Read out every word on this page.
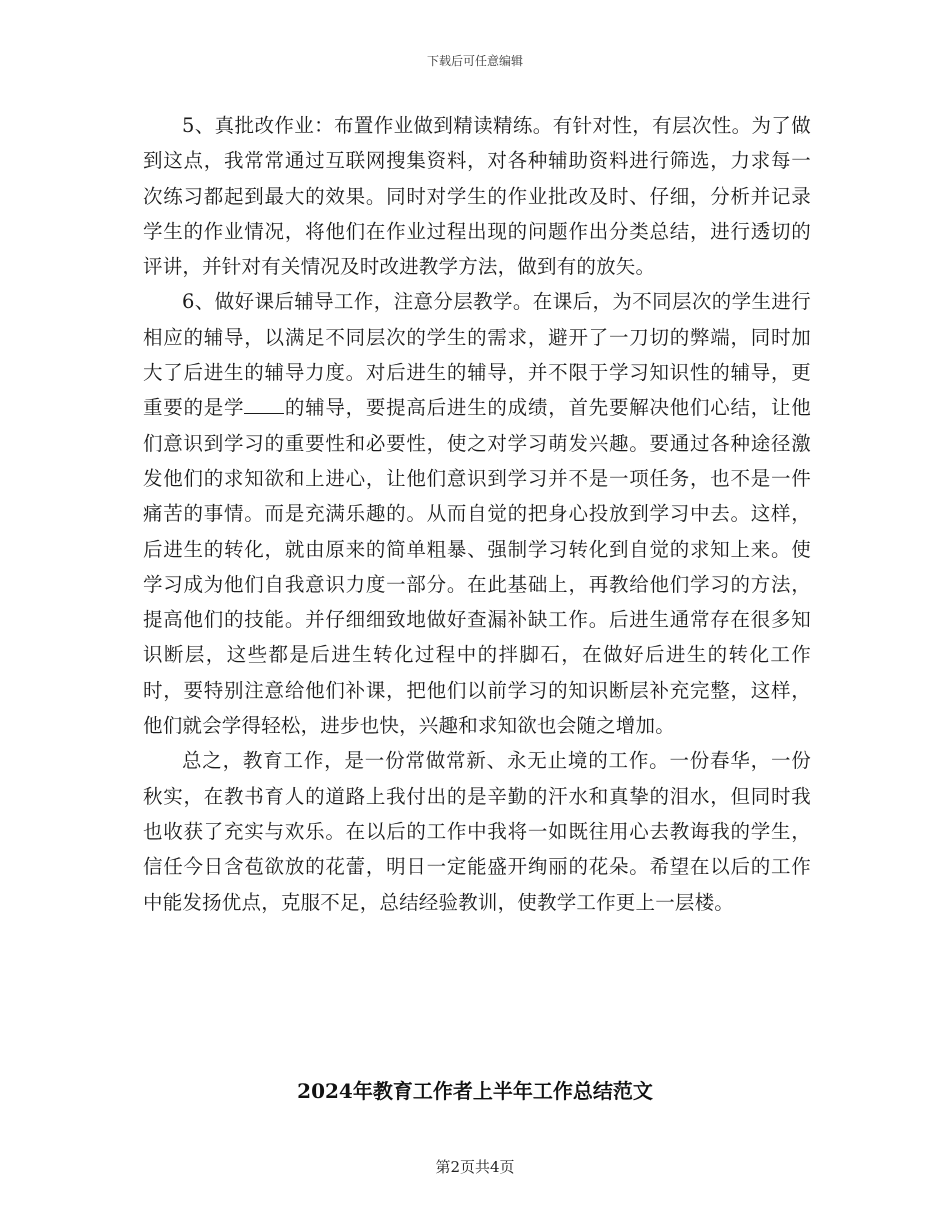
下载后可任意编辑

5、真批改作业：布置作业做到精读精练。有针对性，有层次性。为了做到这点，我常常通过互联网搜集资料，对各种辅助资料进行筛选，力求每一次练习都起到最大的效果。同时对学生的作业批改及时、仔细，分析并记录学生的作业情况，将他们在作业过程出现的问题作出分类总结，进行透切的评讲，并针对有关情况及时改进教学方法，做到有的放矢。

6、做好课后辅导工作，注意分层教学。在课后，为不同层次的学生进行相应的辅导，以满足不同层次的学生的需求，避开了一刀切的弊端，同时加大了后进生的辅导力度。对后进生的辅导，并不限于学习知识性的辅导，更重要的是学 的辅导，要提高后进生的成绩，首先要解决他们心结，让他们意识到学习的重要性和必要性，使之对学习萌发兴趣。要通过各种途径激发他们的求知欲和上进心，让他们意识到学习并不是一项任务，也不是一件痛苦的事情。而是充满乐趣的。从而自觉的把身心投放到学习中去。这样，后进生的转化，就由原来的简单粗暴、强制学习转化到自觉的求知上来。使学习成为他们自我意识力度一部分。在此基础上，再教给他们学习的方法，提高他们的技能。并仔细细致地做好查漏补缺工作。后进生通常存在很多知识断层，这些都是后进生转化过程中的拌脚石，在做好后进生的转化工作时，要特别注意给他们补课，把他们以前学习的知识断层补充完整，这样，他们就会学得轻松，进步也快，兴趣和求知欲也会随之增加。

总之，教育工作，是一份常做常新、永无止境的工作。一份春华，一份秋实，在教书育人的道路上我付出的是辛勤的汗水和真挚的泪水，但同时我也收获了充实与欢乐。在以后的工作中我将一如既往用心去教诲我的学生，信任今日含苞欲放的花蕾，明日一定能盛开绚丽的花朵。希望在以后的工作中能发扬优点，克服不足，总结经验教训，使教学工作更上一层楼。

2024年教育工作者上半年工作总结范文
第2页共4页
